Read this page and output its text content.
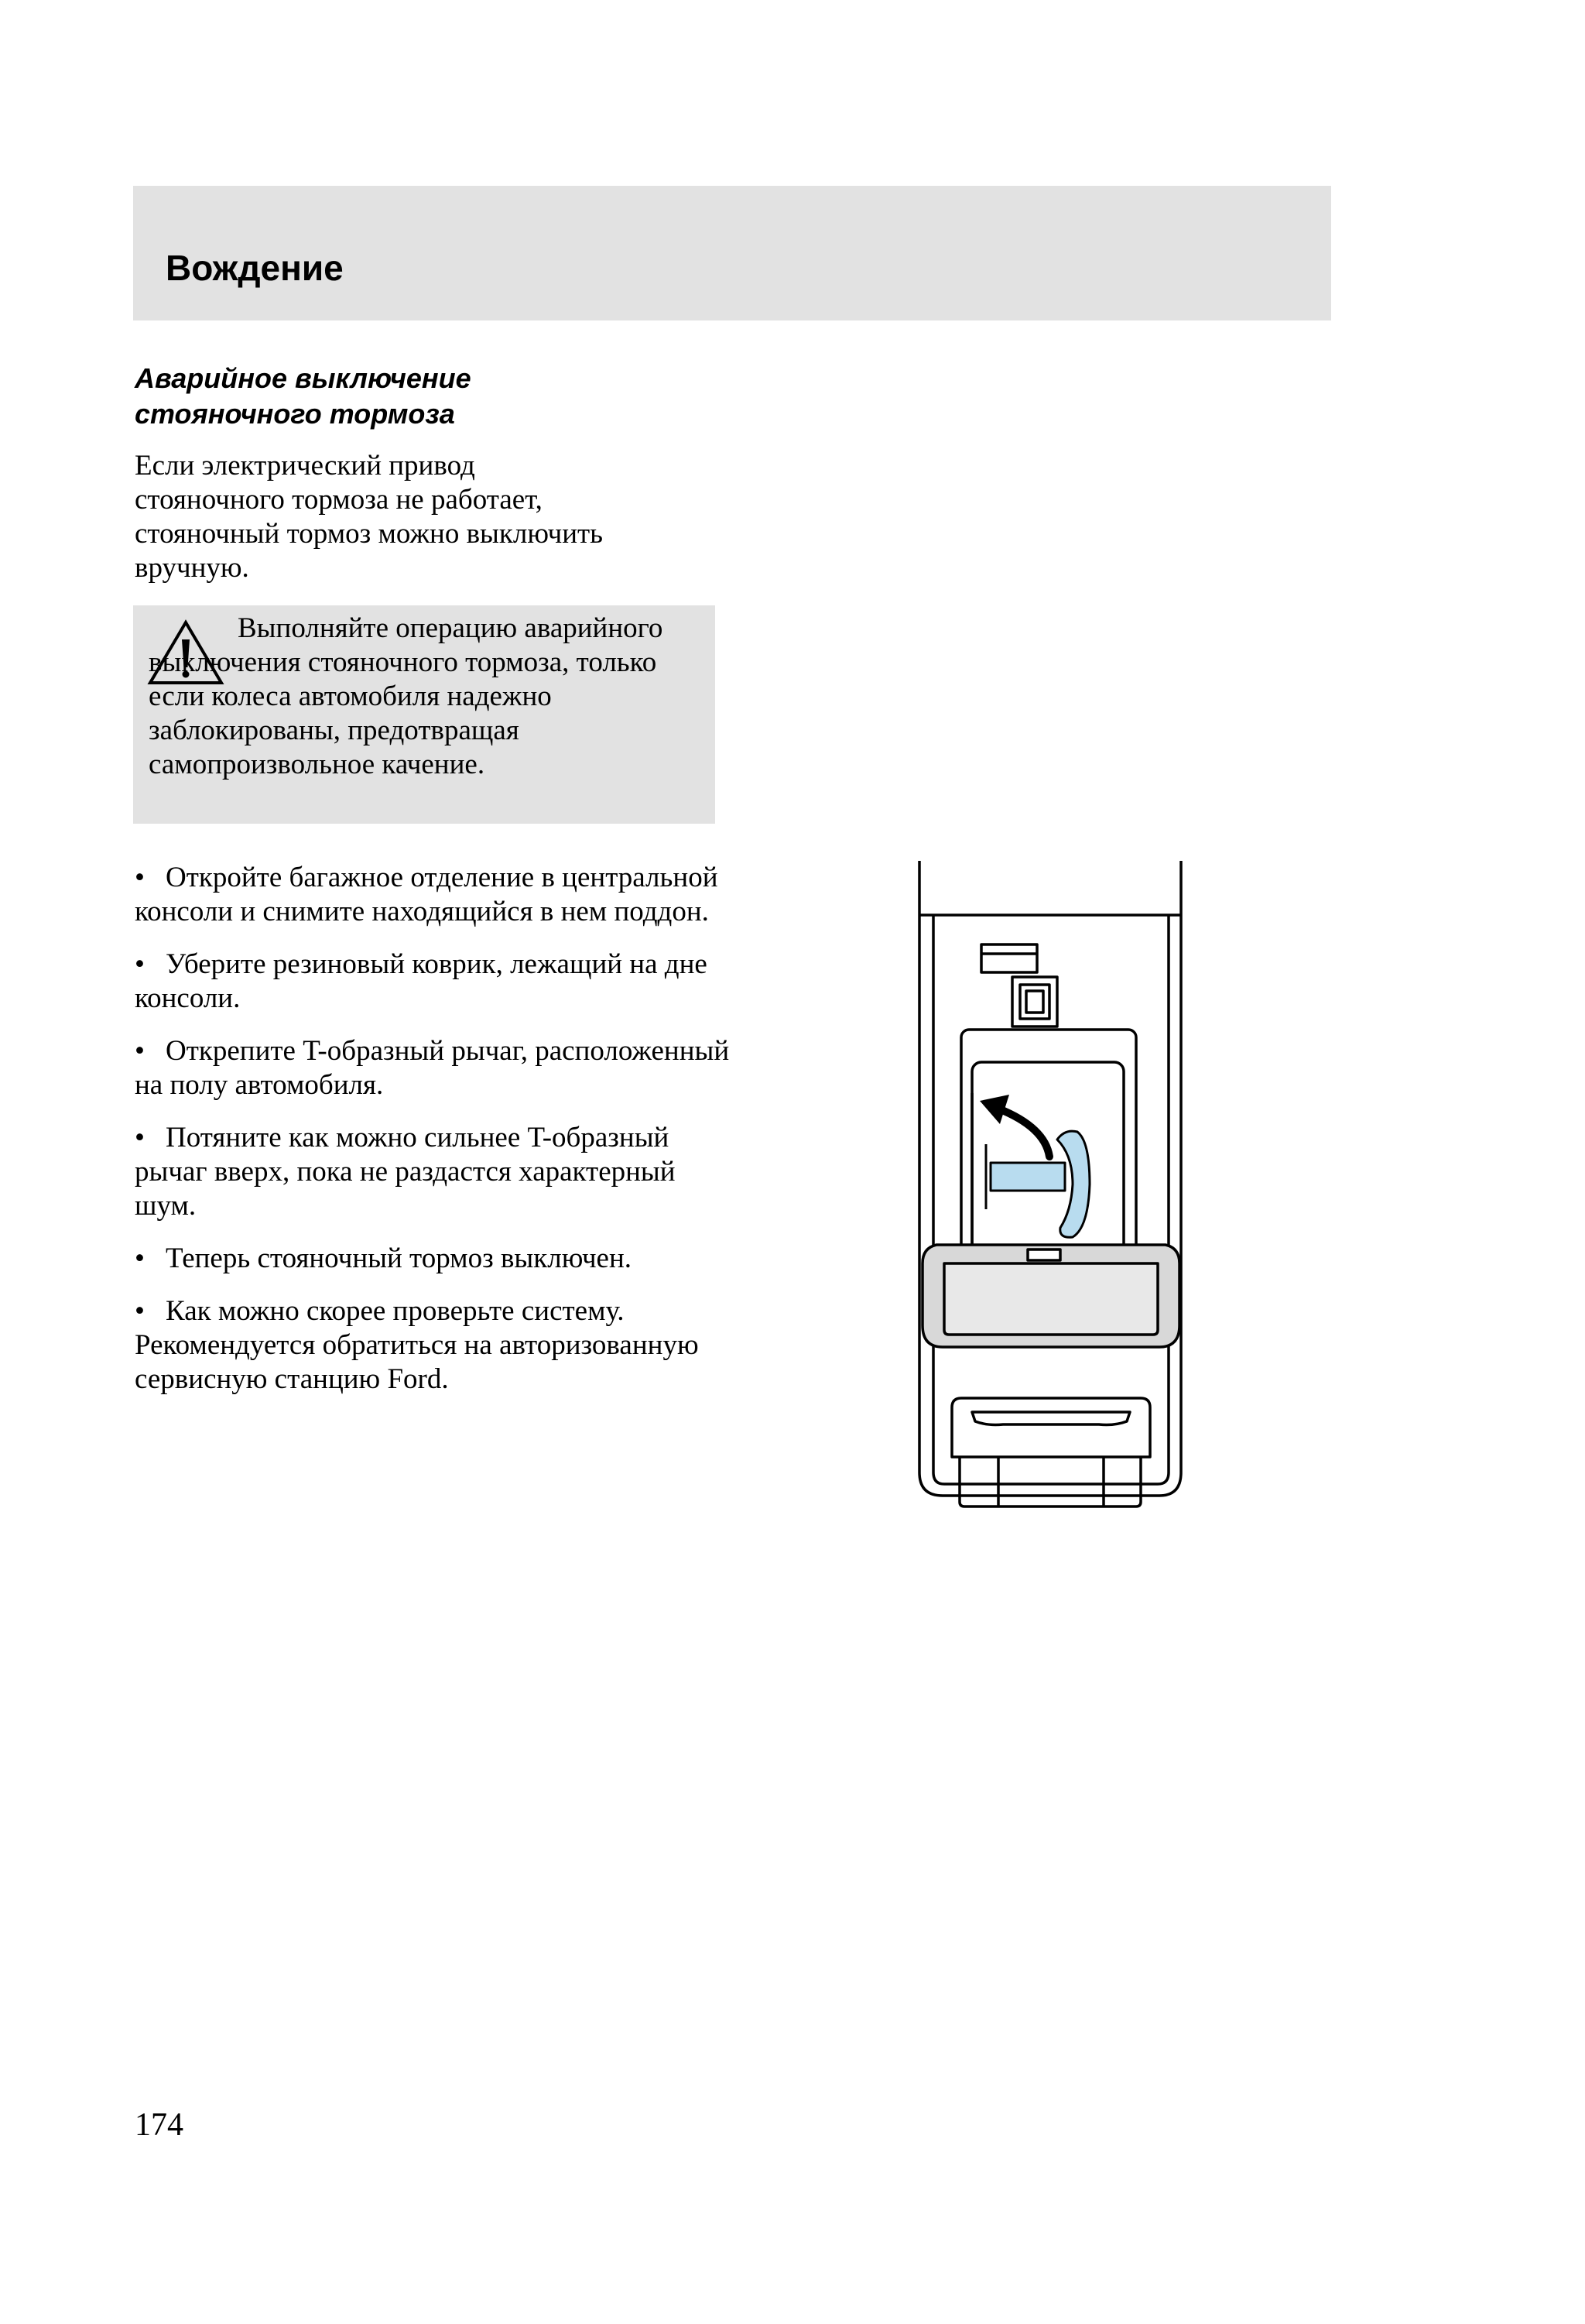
Вождение
Аварийное выключение
стояночного тормоза
Если электрический привод
стояночного тормоза не работает,
стояночный тормоз можно выключить
вручную.

Выполняйте операцию аварийного выключения стояночного тормоза, только если колеса автомобиля надежно заблокированы, предотвращая самопроизвольное качение.

• Откройте багажное отделение в центральной консоли и снимите находящийся в нем поддон.
• Уберите резиновый коврик, лежащий на дне консоли.
• Открепите T-образный рычаг, расположенный на полу автомобиля.
• Потяните как можно сильнее T-образный рычаг вверх, пока не раздастся характерный шум.
• Теперь стояночный тормоз выключен.
• Как можно скорее проверьте систему. Рекомендуется обратиться на авторизованную сервисную станцию Ford.
174
